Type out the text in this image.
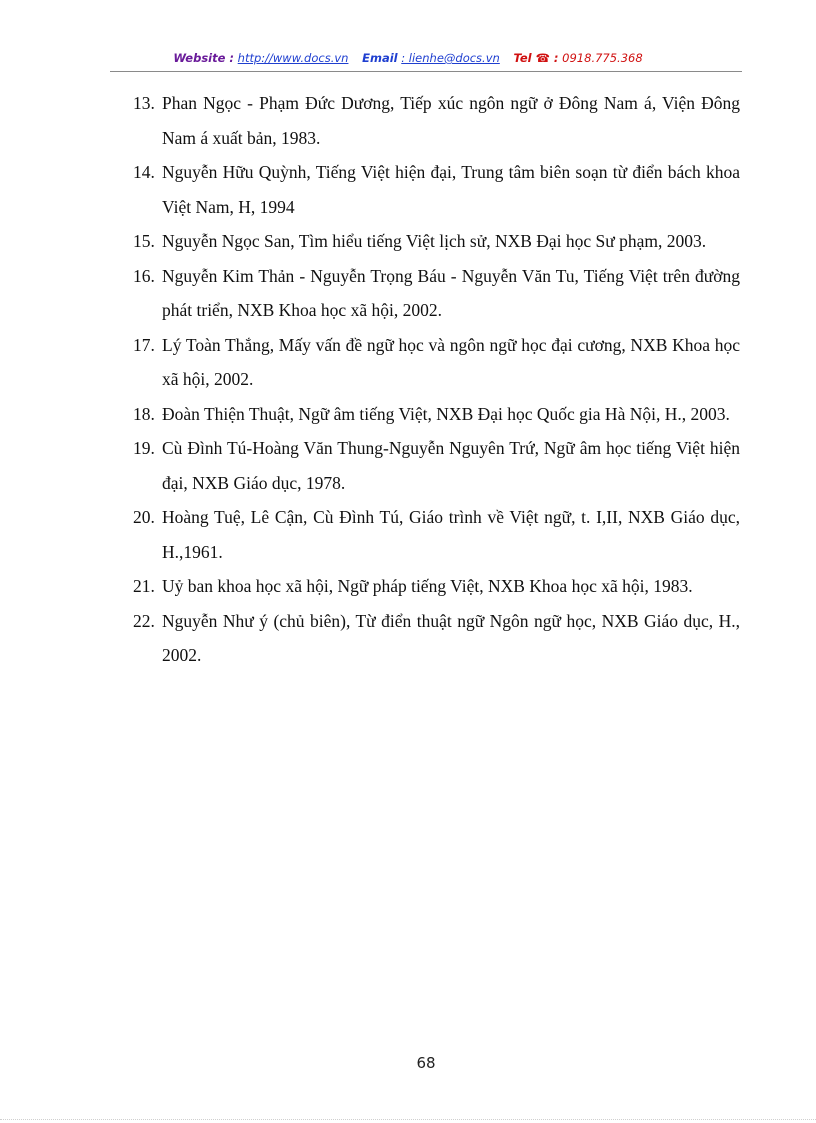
Website : http://www.docs.vn Email : lienhe@docs.vn Tel ☎ : 0918.775.368
13. Phan Ngọc - Phạm Đức Dương, Tiếp xúc ngôn ngữ ở Đông Nam á, Viện Đông Nam á xuất bản, 1983.
14. Nguyễn Hữu Quỳnh, Tiếng Việt hiện đại, Trung tâm biên soạn từ điển bách khoa Việt Nam, H, 1994
15. Nguyễn Ngọc San, Tìm hiểu tiếng Việt lịch sử, NXB Đại học Sư phạm, 2003.
16. Nguyễn Kim Thản - Nguyễn Trọng Báu - Nguyễn Văn Tu, Tiếng Việt trên đường phát triển, NXB Khoa học xã hội, 2002.
17. Lý Toàn Thắng, Mấy vấn đề ngữ học và ngôn ngữ học đại cương, NXB Khoa học xã hội, 2002.
18. Đoàn Thiện Thuật, Ngữ âm tiếng Việt, NXB Đại học Quốc gia Hà Nội, H., 2003.
19. Cù Đình Tú-Hoàng Văn Thung-Nguyễn Nguyên Trứ, Ngữ âm học tiếng Việt hiện đại, NXB Giáo dục, 1978.
20. Hoàng Tuệ, Lê Cận, Cù Đình Tú, Giáo trình về Việt ngữ, t. I,II, NXB Giáo dục, H.,1961.
21. Uỷ ban khoa học xã hội, Ngữ pháp tiếng Việt, NXB Khoa học xã hội, 1983.
22. Nguyễn Như ý (chủ biên), Từ điển thuật ngữ Ngôn ngữ học, NXB Giáo dục, H., 2002.
68
